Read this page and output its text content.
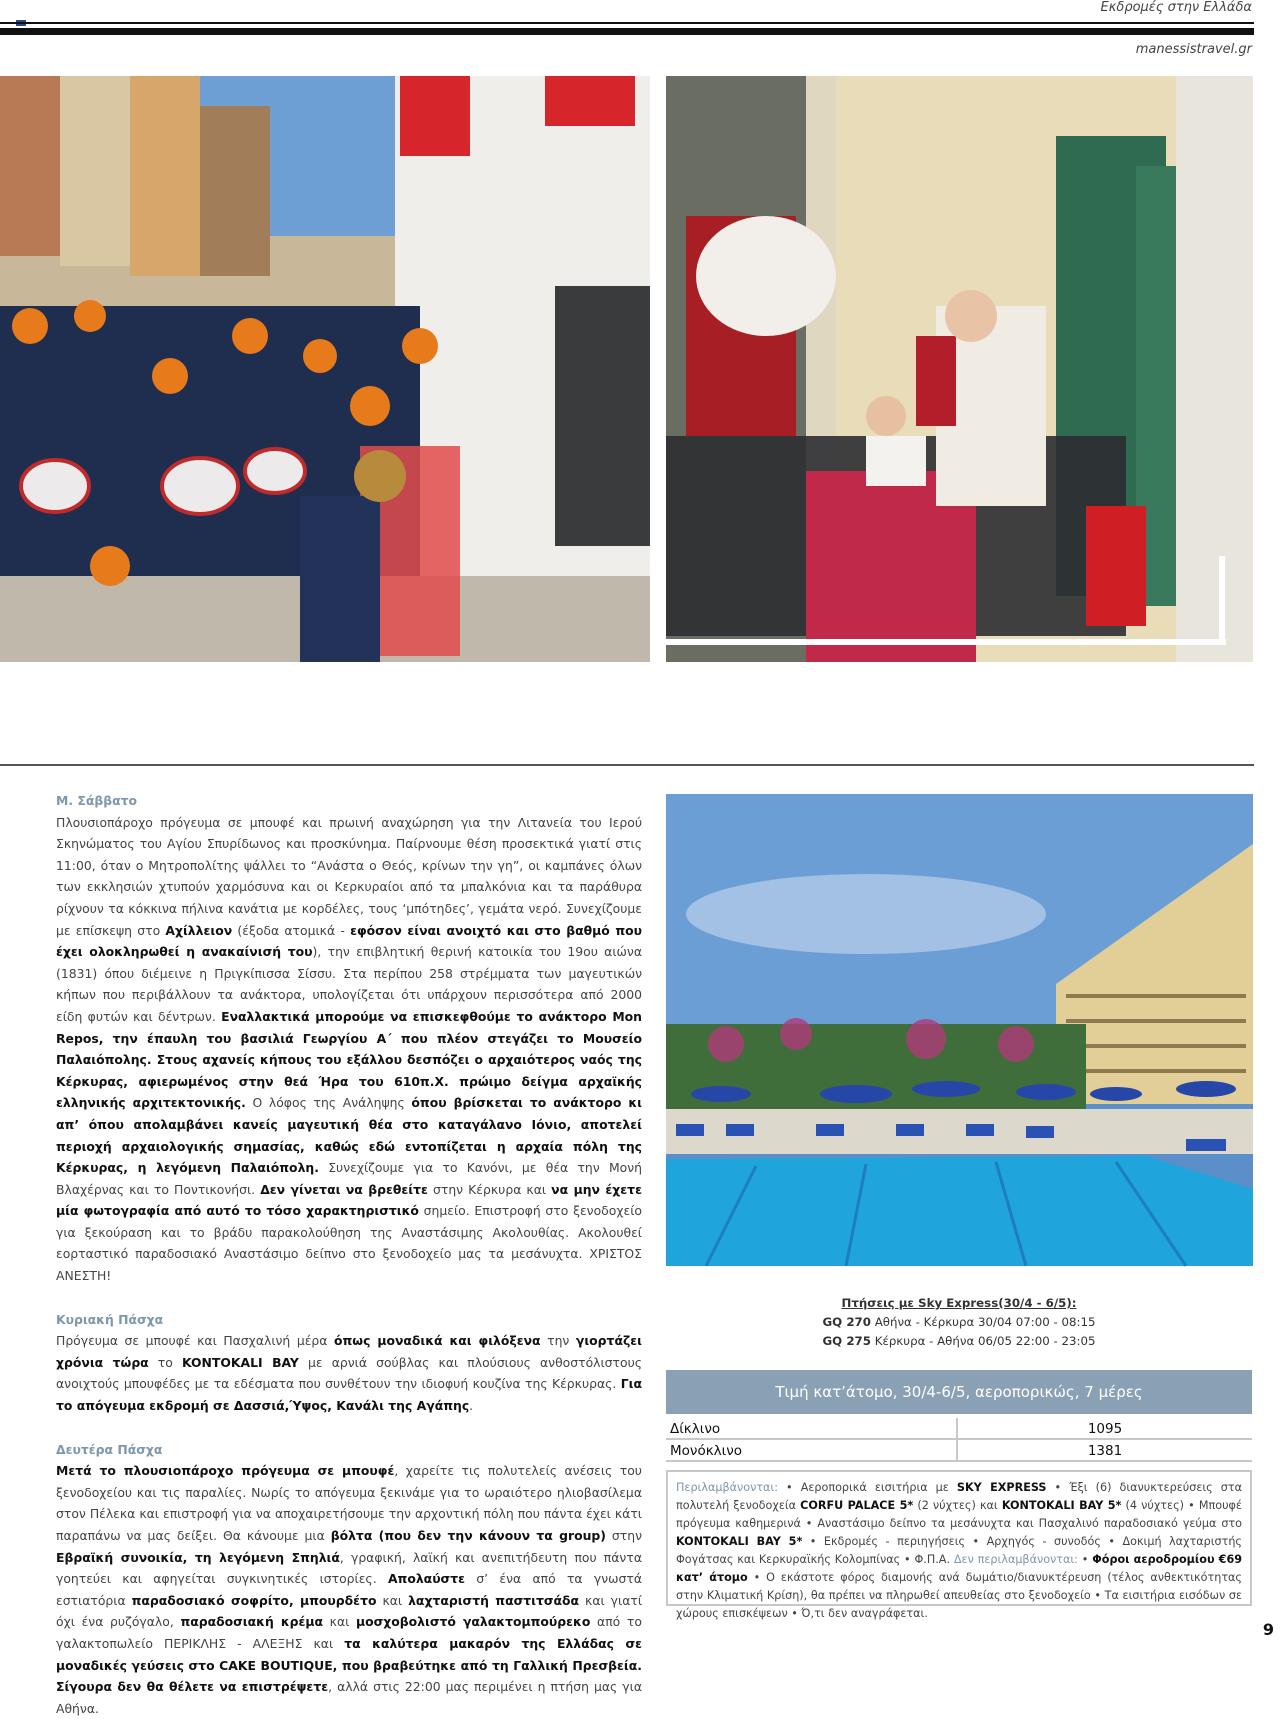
Εκδρομές στην Ελλάδα
manessistravel.gr
Μ. Σάββατο
Πλουσιοπάροχο πρόγευμα σε μπουφέ και πρωινή αναχώρηση για την Λιτανεία του Ιερού Σκηνώματος του Αγίου Σπυρίδωνος και προσκύνημα. Παίρνουμε θέση προσεκτικά γιατί στις 11:00, όταν ο Μητροπολίτης ψάλλει το “Ανάστα ο Θεός, κρίνων την γη”, οι καμπάνες όλων των εκκλησιών χτυπούν χαρμόσυνα και οι Κερκυραίοι από τα μπαλκόνια και τα παράθυρα ρίχνουν τα κόκκινα πήλινα κανάτια με κορδέλες, τους ‘μπότηδες’, γεμάτα νερό. Συνεχίζουμε με επίσκεψη στο Αχίλλειον (έξοδα ατομικά - εφόσον είναι ανοιχτό και στο βαθμό που έχει ολοκληρωθεί η ανακαίνισή του), την επιβλητική θερινή κατοικία του 19ου αιώνα (1831) όπου διέμεινε η Πριγκίπισσα Σίσσυ. Στα περίπου 258 στρέμματα των μαγευτικών κήπων που περιβάλλουν τα ανάκτορα, υπολογίζεται ότι υπάρχουν περισσότερα από 2000 είδη φυτών και δέντρων. Εναλλακτικά μπορούμε να επισκεφθούμε το ανάκτορο Mon Repos, την έπαυλη του βασιλιά Γεωργίου Α΄ που πλέον στεγάζει το Μουσείο Παλαιόπολης. Στους αχανείς κήπους του εξάλλου δεσπόζει ο αρχαιότερος ναός της Κέρκυρας, αφιερωμένος στην θεά Ήρα του 610π.Χ. πρώιμο δείγμα αρχαϊκής ελληνικής αρχιτεκτονικής. Ο λόφος της Ανάληψης όπου βρίσκεται το ανάκτορο κι απ’ όπου απολαμβάνει κανείς μαγευτική θέα στο καταγάλανο Ιόνιο, αποτελεί περιοχή αρχαιολογικής σημασίας, καθώς εδώ εντοπίζεται η αρχαία πόλη της Κέρκυρας, η λεγόμενη Παλαιόπολη. Συνεχίζουμε για το Κανόνι, με θέα την Μονή Βλαχέρνας και το Ποντικονήσι. Δεν γίνεται να βρεθείτε στην Κέρκυρα και να μην έχετε μία φωτογραφία από αυτό το τόσο χαρακτηριστικό σημείο. Επιστροφή στο ξενοδοχείο για ξεκούραση και το βράδυ παρακολούθηση της Αναστάσιμης Ακολουθίας. Ακολουθεί εορταστικό παραδοσιακό Αναστάσιμο δείπνο στο ξενοδοχείο μας τα μεσάνυχτα. ΧΡΙΣΤΟΣ ΑΝΕΣΤΗ!
Κυριακή Πάσχα
Πρόγευμα σε μπουφέ και Πασχαλινή μέρα όπως μοναδικά και φιλόξενα την γιορτάζει χρόνια τώρα το KONTOKALI BAY με αρνιά σούβλας και πλούσιους ανθοστόλιστους ανοιχτούς μπουφέδες με τα εδέσματα που συνθέτουν την ιδιοφυή κουζίνα της Κέρκυρας. Για το απόγευμα εκδρομή σε Δασσιά,Ύψος, Κανάλι της Αγάπης.
Δευτέρα Πάσχα
Μετά το πλουσιοπάροχο πρόγευμα σε μπουφέ, χαρείτε τις πολυτελείς ανέσεις του ξενοδοχείου και τις παραλίες. Νωρίς το απόγευμα ξεκινάμε για το ωραιότερο ηλιοβασίλεμα στον Πέλεκα και επιστροφή για να αποχαιρετήσουμε την αρχοντική πόλη που πάντα έχει κάτι παραπάνω να μας δείξει. Θα κάνουμε μια βόλτα (που δεν την κάνουν τα group) στην Εβραϊκή συνοικία, τη λεγόμενη Σπηλιά, γραφική, λαϊκή και ανεπιτήδευτη που πάντα γοητεύει και αφηγείται συγκινητικές ιστορίες. Απολαύστε σ’ ένα από τα γνωστά εστιατόρια παραδοσιακό σοφρίτο, μπουρδέτο και λαχταριστή παστιτσάδα και γιατί όχι ένα ρυζόγαλο, παραδοσιακή κρέμα και μοσχοβολιστό γαλακτομπούρεκο από το γαλακτοπωλείο ΠΕΡΙΚΛΗΣ - ΑΛΕΞΗΣ και τα καλύτερα μακαρόν της Ελλάδας σε μοναδικές γεύσεις στο CAKE BOUTIQUE, που βραβεύτηκε από τη Γαλλική Πρεσβεία. Σίγουρα δεν θα θέλετε να επιστρέψετε, αλλά στις 22:00 μας περιμένει η πτήση μας για Αθήνα.
Πτήσεις με Sky Express(30/4 - 6/5):
GQ 270 Αθήνα - Κέρκυρα 30/04 07:00 - 08:15
GQ 275 Κέρκυρα - Αθήνα 06/05 22:00 - 23:05
Τιμή κατ’άτομο, 30/4-6/5, αεροπορικώς, 7 μέρες
Δίκλινο	1095
Μονόκλινο	1381
Περιλαμβάνονται: • Αεροπορικά εισιτήρια με SKY EXPRESS • Έξι (6) διανυκτερεύσεις στα πολυτελή ξενοδοχεία CORFU PALACE 5* (2 νύχτες) και KONTOKALI BAY 5* (4 νύχτες) • Μπουφέ πρόγευμα καθημερινά • Αναστάσιμο δείπνο τα μεσάνυχτα και Πασχαλινό παραδοσιακό γεύμα στο KONTOKALI BAY 5* • Εκδρομές - περιηγήσεις • Αρχηγός - συνοδός • Δοκιμή λαχταριστής Φογάτσας και Κερκυραϊκής Κολομπίνας • Φ.Π.Α. Δεν περιλαμβάνονται: • Φόροι αεροδρομίου €69 κατ’ άτομο • Ο εκάστοτε φόρος διαμονής ανά δωμάτιο/διανυκτέρευση (τέλος ανθεκτικότητας στην Κλιματική Κρίση), θα πρέπει να πληρωθεί απευθείας στο ξενοδοχείο • Τα εισιτήρια εισόδων σε χώρους επισκέψεων • Ό,τι δεν αναγράφεται.
9
